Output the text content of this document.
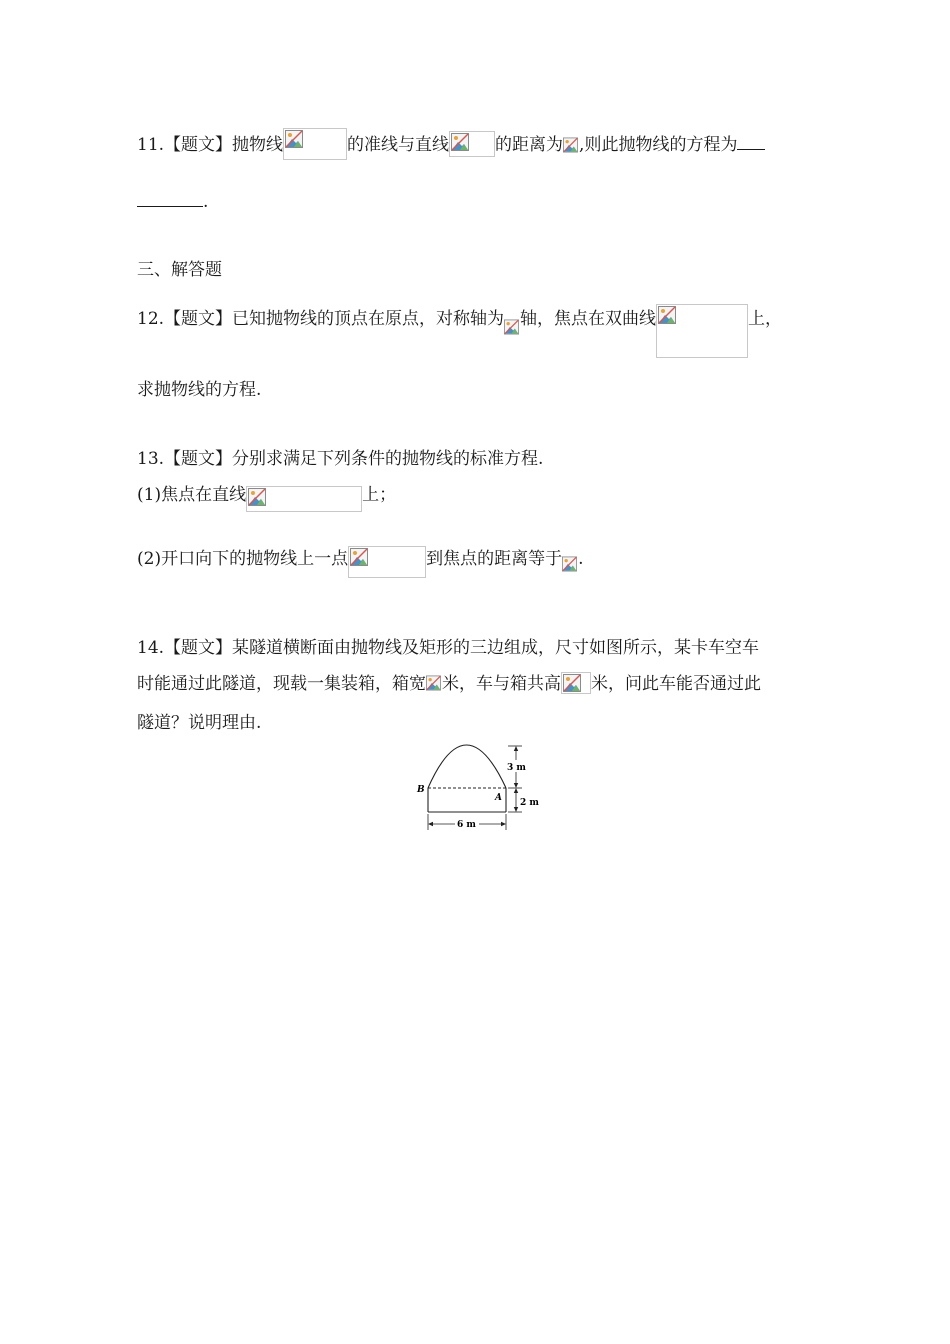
11.【题文】抛物线	的准线与直线	的距离为 ,则此抛物线的方程为
.
三、解答题
12.【题文】已知抛物线的顶点在原点，对称轴为 轴，焦点在双曲线	上，
求抛物线的方程.
13.【题文】分别求满足下列条件的抛物线的标准方程.
(1)焦点在直线	上；
(2)开口向下的抛物线上一点	到焦点的距离等于 .
14.【题文】某隧道横断面由抛物线及矩形的三边组成，尺寸如图所示，某卡车空车
时能通过此隧道，现载一集装箱，箱宽 米，车与箱共高 米，问此车能否通过此
隧道？说明理由.
B
A
3 m
2 m
6 m
